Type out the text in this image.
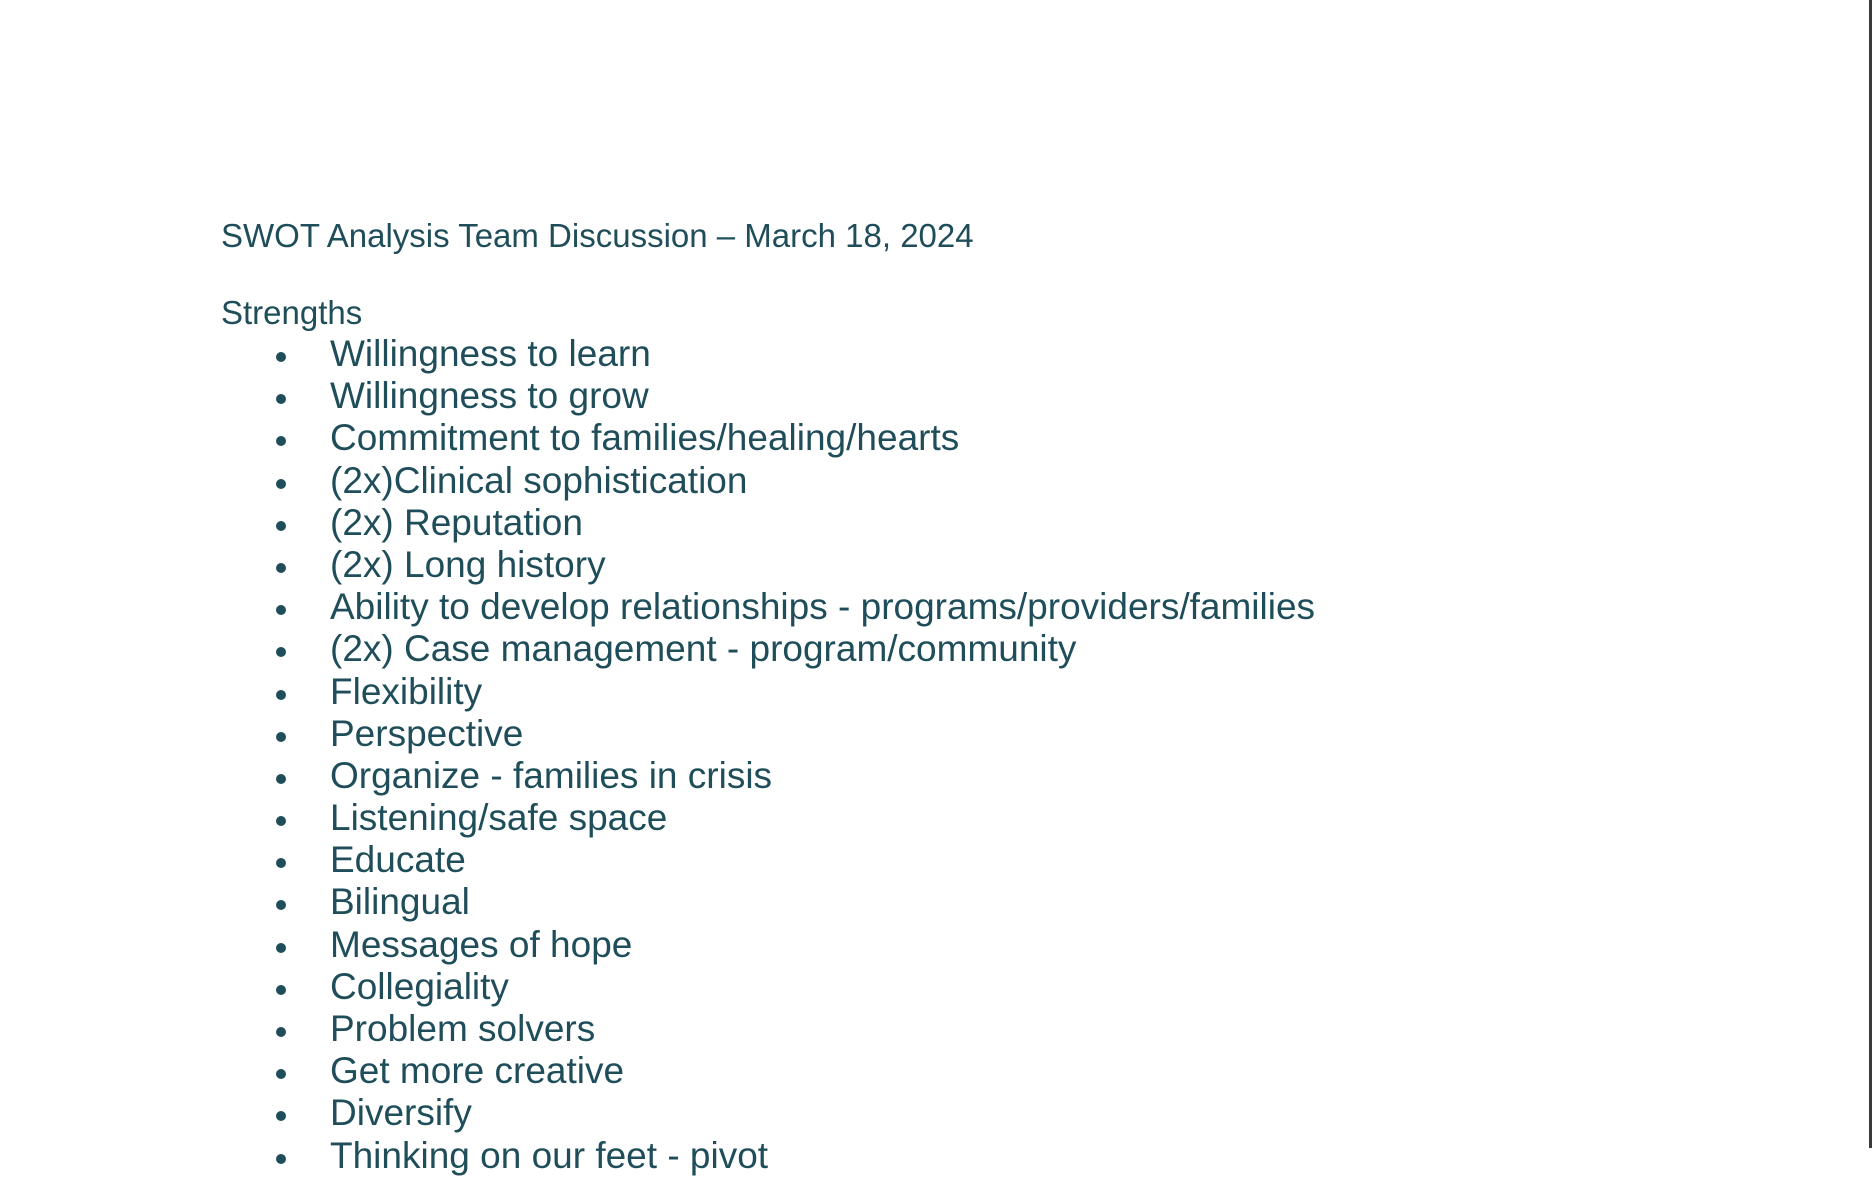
SWOT Analysis Team Discussion – March 18, 2024
Strengths
Willingness to learn
Willingness to grow
Commitment to families/healing/hearts
(2x)Clinical sophistication
(2x) Reputation
(2x) Long history
Ability to develop relationships - programs/providers/families
(2x) Case management - program/community
Flexibility
Perspective
Organize - families in crisis
Listening/safe space
Educate
Bilingual
Messages of hope
Collegiality
Problem solvers
Get more creative
Diversify
Thinking on our feet - pivot
